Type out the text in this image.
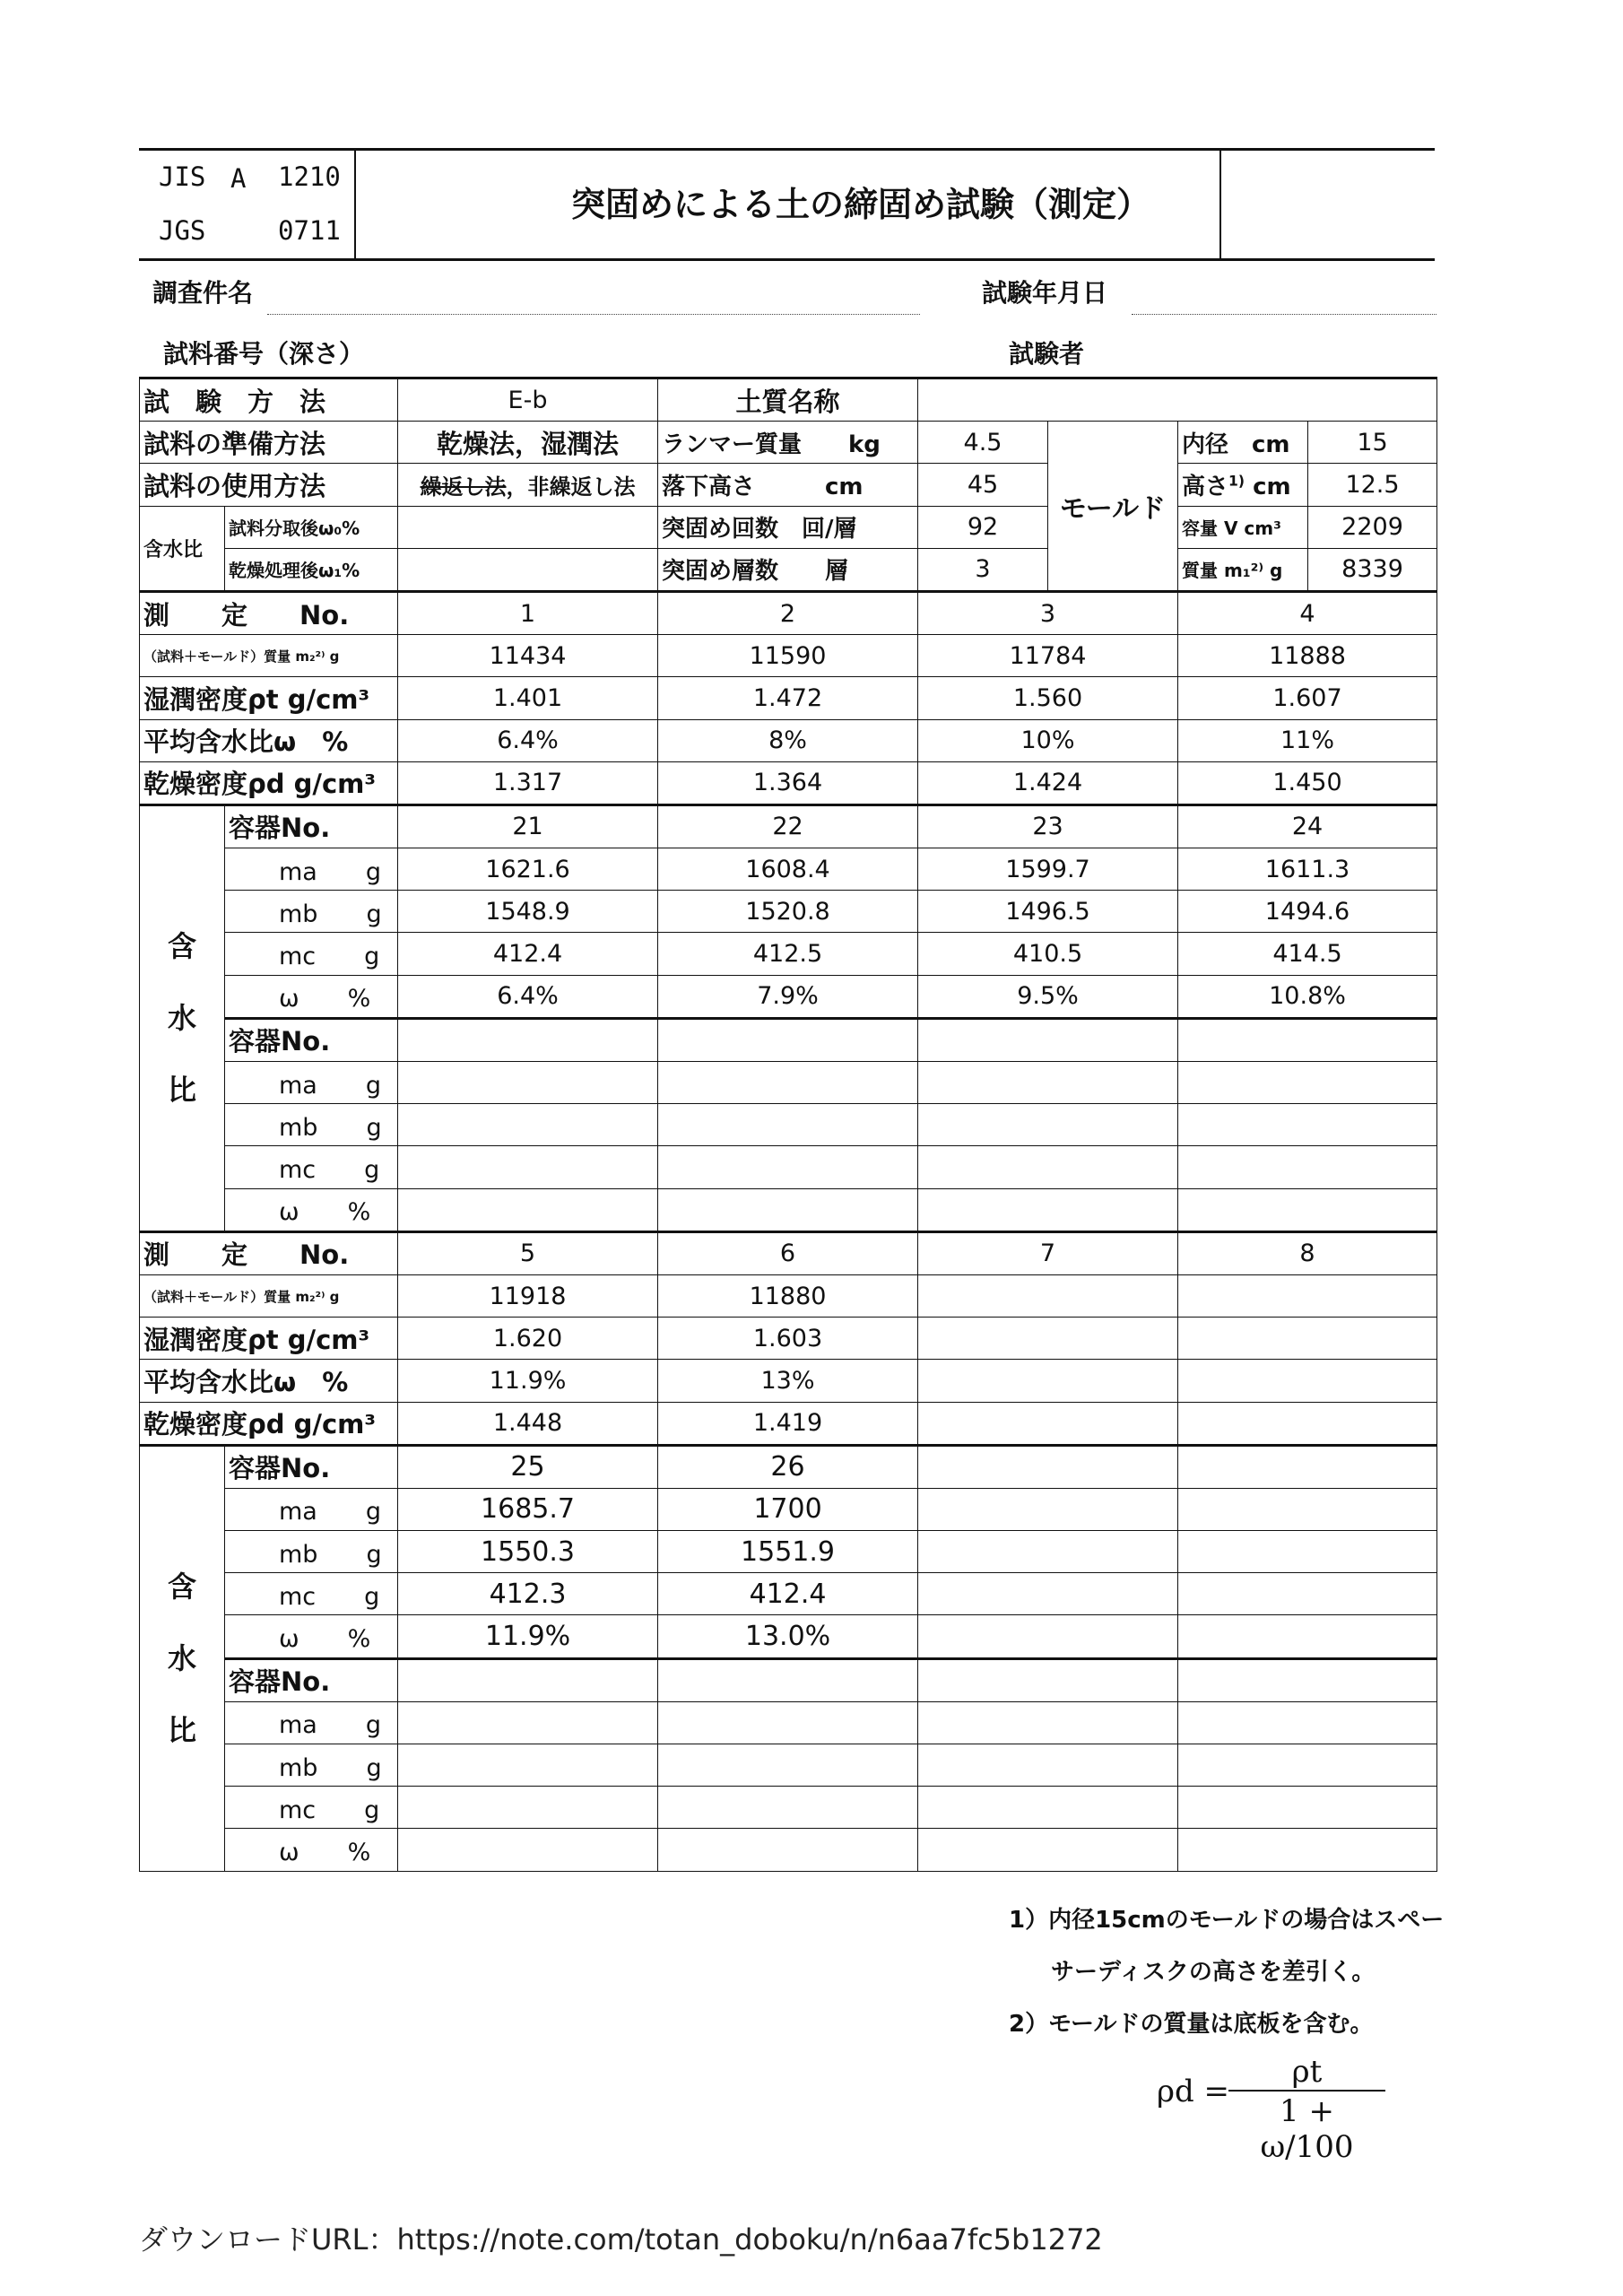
JIS A 1210
JGS	0711
突固めによる土の締固め試験（測定）
調査件名	試験年月日
試料番号（深さ）	試験者
試　験　方　法		E-b	土質名称				
試料の準備方法		乾燥法，湿潤法	ランマー質量　　kg	4.5	モールド	内径　cm	15
試料の使用方法		繰返し法，非繰返し法	落下高さ　　　cm	45		高さ$^{1)}$ cm	12.5
含水比	試料分取後ω₀%		突固め回数　回/層	92		容量 V cm³	2209
	乾燥処理後ω₁%		突固め層数　　層	3		質量 m₁²⁾ g	8339
測　　定　　No.		1	2	3		4	
（試料＋モールド）質量 m₂²⁾ g		11434	11590	11784		11888	
湿潤密度ρt g/cm³		1.401	1.472	1.560		1.607	
平均含水比ω　%		6.4%	8%	10%		11%	
乾燥密度ρd g/cm³		1.317	1.364	1.424		1.450	
含
水
比	容器No.	21	22	23		24	
	ma　　g	1621.6	1608.4	1599.7		1611.3	
	mb　　g	1548.9	1520.8	1496.5		1494.6	
	mc　　g	412.4	412.5	410.5		414.5	
	ω　　%	6.4%	7.9%	9.5%		10.8%	
	容器No.						
	ma　　g						
	mb　　g						
	mc　　g						
	ω　　%						
測　　定　　No.		5	6	7		8	
（試料＋モールド）質量 m₂²⁾ g		11918	11880				
湿潤密度ρt g/cm³		1.620	1.603				
平均含水比ω　%		11.9%	13%				
乾燥密度ρd g/cm³		1.448	1.419				
含
水
比	容器No.	25	26				
	ma　　g	1685.7	1700				
	mb　　g	1550.3	1551.9				
	mc　　g	412.3	412.4				
	ω　　%	11.9%	13.0%				
	容器No.						
	ma　　g						
	mb　　g						
	mc　　g						
	ω　　%						
1）内径15cmのモールドの場合はスペー
サーディスクの高さを差引く。
2）モールドの質量は底板を含む。
ρd =
ρt
1 + ω/100
ダウンロードURL：https://note.com/totan_doboku/n/n6aa7fc5b1272
